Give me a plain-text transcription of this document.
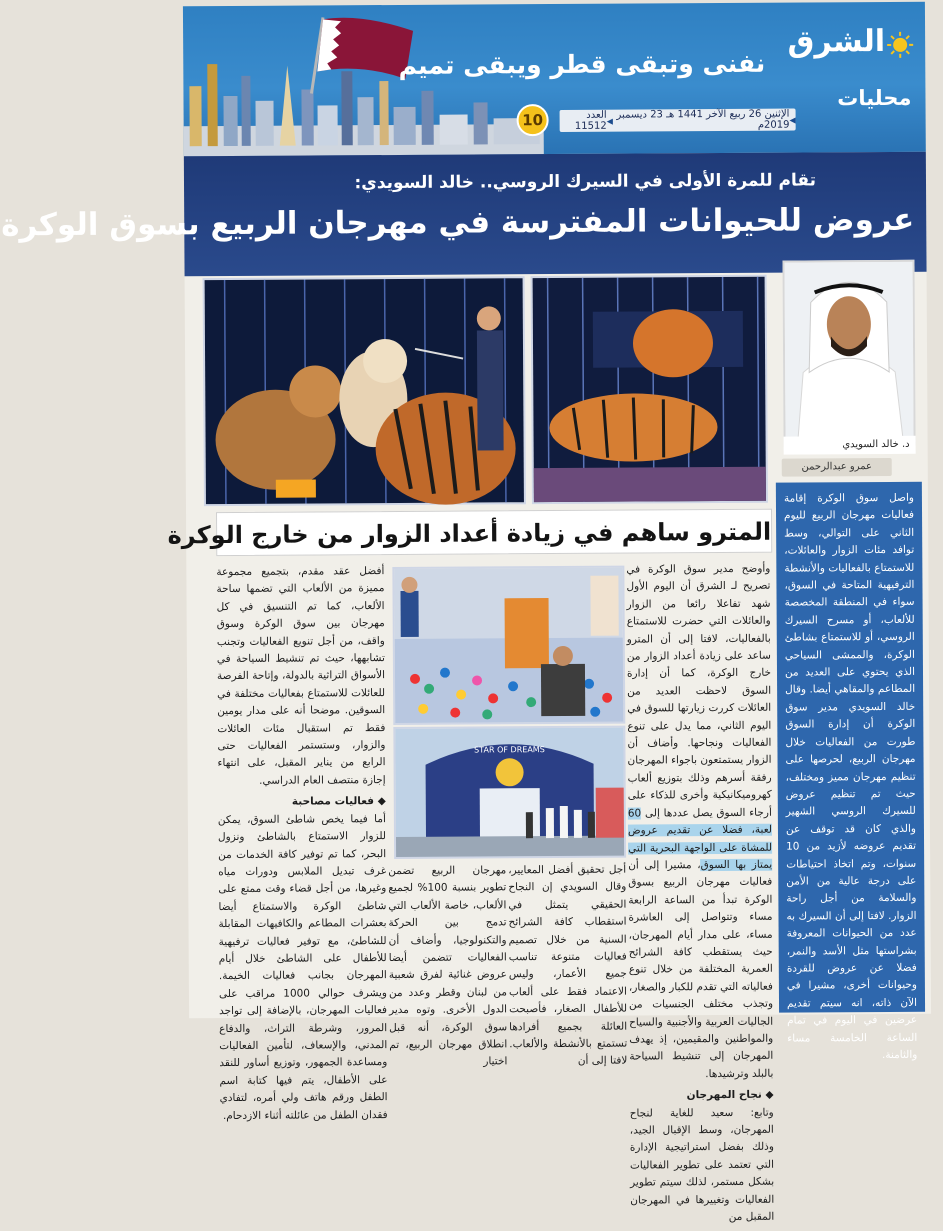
نفنى وتبقى قطر ويبقى تميم
الشرق
محليات
◀
الإثنين 26 ربيع الآخر 1441 هـ 23 ديسمبر 2019م
◀
العدد 11512
10
تقام للمرة الأولى في السيرك الروسي.. خالد السويدي:
عروض للحيوانات المفترسة في مهرجان الربيع بسوق الوكرة
د. خالد السويدي
عمرو عبدالرحمن
المترو ساهم في زيادة أعداد الزوار من خارج الوكرة
واصل سوق الوكرة إقامة فعاليات مهرجان الربيع لليوم الثاني على التوالي، وسط توافد مئات الزوار والعائلات، للاستمتاع بالفعاليات والأنشطة الترفيهية المتاحة في السوق، سواء في المنطقة المخصصة للألعاب، أو مسرح السيرك الروسي، أو للاستمتاع بشاطئ الوكرة، والممشى السياحي الذي يحتوي على العديد من المطاعم والمقاهي أيضا. وقال خالد السويدي مدير سوق الوكرة أن إدارة السوق طورت من الفعاليات خلال مهرجان الربيع، لحرصها على تنظيم مهرجان مميز ومختلف، حيث تم تنظيم عروض للسيرك الروسي الشهير والذي كان قد توقف عن تقديم عروضه لأزيد من 10 سنوات، وتم اتخاذ احتياطات على درجة عالية من الأمن والسلامة من أجل راحة الزوار. لافتا إلى أن السيرك به عدد من الحيوانات المعروفة بشراستها مثل الأسد والنمر، فضلا عن عروض للقردة وحيوانات أخرى، مشيرا في الآن ذاته، انه سيتم تقديم عرضين في اليوم في تمام الساعة الخامسة مساء والثامنة.
وأوضح مدير سوق الوكرة في تصريح لـ الشرق أن اليوم الأول شهد تفاعلا رائعا من الزوار والعائلات التي حضرت للاستمتاع بالفعاليات، لافتا إلى أن المترو ساعد على زيادة أعداد الزوار من خارج الوكرة، كما أن إدارة السوق لاحظت العديد من العائلات كررت زيارتها للسوق في اليوم الثاني، مما يدل على تنوع الفعاليات ونجاحها. وأضاف أن الزوار يستمتعون باجواء المهرجان رفقة أسرهم وذلك بتوزيع ألعاب كهروميكانيكية وأخرى للذكاء على أرجاء السوق يصل عددها إلى 60 لعبة، فضلا عن تقديم عروض للمشاة على الواجهة البحرية التي يمتاز بها السوق، مشيرا إلى أن فعاليات مهرجان الربيع بسوق الوكرة تبدأ من الساعة الرابعة مساء وتتواصل إلى العاشرة مساء، على مدار أيام المهرجان، حيث يستقطب كافة الشرائح العمرية المختلفة من خلال تنوع فعالياته التي تقدم للكبار والصغار، وتجذب مختلف الجنسيات من الجاليات العربية والأجنبية والسياح والمواطنين والمقيمين، إذ يهدف المهرجان إلى تنشيط السياحة بالبلد وترشيدها.
◆ نجاح المهرجان
وتابع: سعيد للغاية لنجاح المهرجان، وسط الإقبال الجيد، وذلك بفضل استراتيجية الإدارة التي تعتمد على تطوير الفعاليات بشكل مستمر، لذلك سيتم تطوير الفعاليات وتغييرها في المهرجان المقبل من
STAR OF DREAMS
أجل تحقيق أفضل المعايير، وقال السويدي إن النجاح الحقيقي يتمثل في استقطاب كافة الشرائح السنية من خلال تصميم فعاليات متنوعة تناسب جميع الأعمار، وليس الاعتماد فقط على ألعاب للأطفال الصغار، فأصبحت العائلة بجميع أفرادها تستمتع بالأنشطة والألعاب. لافتا إلى أن
مهرجان الربيع تضمن تطوير بنسبة 100% لجميع الألعاب، خاصة الألعاب التي تدمج بين الحركة والتكنولوجيا، وأضاف أن الفعاليات تتضمن أيضا عروض غنائية لفرق شعبية من لبنان وقطر وعدد من الدول الأخرى. وتوه مدير سوق الوكرة، أنه قبل انطلاق مهرجان الربيع، تم اختيار
أفضل عقد مقدم، بتجميع مجموعة مميزة من الألعاب التي تضمها ساحة الألعاب، كما تم التنسيق في كل مهرجان بين سوق الوكرة وسوق واقف، من أجل تنويع الفعاليات وتجنب تشابهها، حيث تم تنشيط السياحة في الأسواق التراثية بالدولة، وإتاحة الفرصة للعائلات للاستمتاع بفعاليات مختلفة في السوقين. موضحا أنه على مدار يومين فقط تم استقبال مئات العائلات والزوار، وستستمر الفعاليات حتى الرابع من يناير المقبل، على انتهاء إجازة منتصف العام الدراسي.
◆ فعاليات مصاحبة
أما فيما يخص شاطئ السوق، يمكن للزوار الاستمتاع بالشاطئ ونزول البحر، كما تم توفير كافة الخدمات من غرف تبديل الملابس ودورات مياه وغيرها، من أجل قضاء وقت ممتع على شاطئ الوكرة والاستمتاع أيضا بعشرات المطاعم والكافيهات المقابلة للشاطئ، مع توفير فعاليات ترفيهية للأطفال على الشاطئ خلال أيام المهرجان بجانب فعاليات الخيمة. ويشرف حوالي 1000 مراقب على فعاليات المهرجان، بالإضافة إلى تواجد المرور، وشرطة التراث، والدفاع المدني، والإسعاف، لتأمين الفعاليات ومساعدة الجمهور، وتوزيع أساور للنقد على الأطفال، يتم فيها كتابة اسم الطفل ورقم هاتف ولي أمره، لتفادي فقدان الطفل من عائلته أثناء الازدحام.
